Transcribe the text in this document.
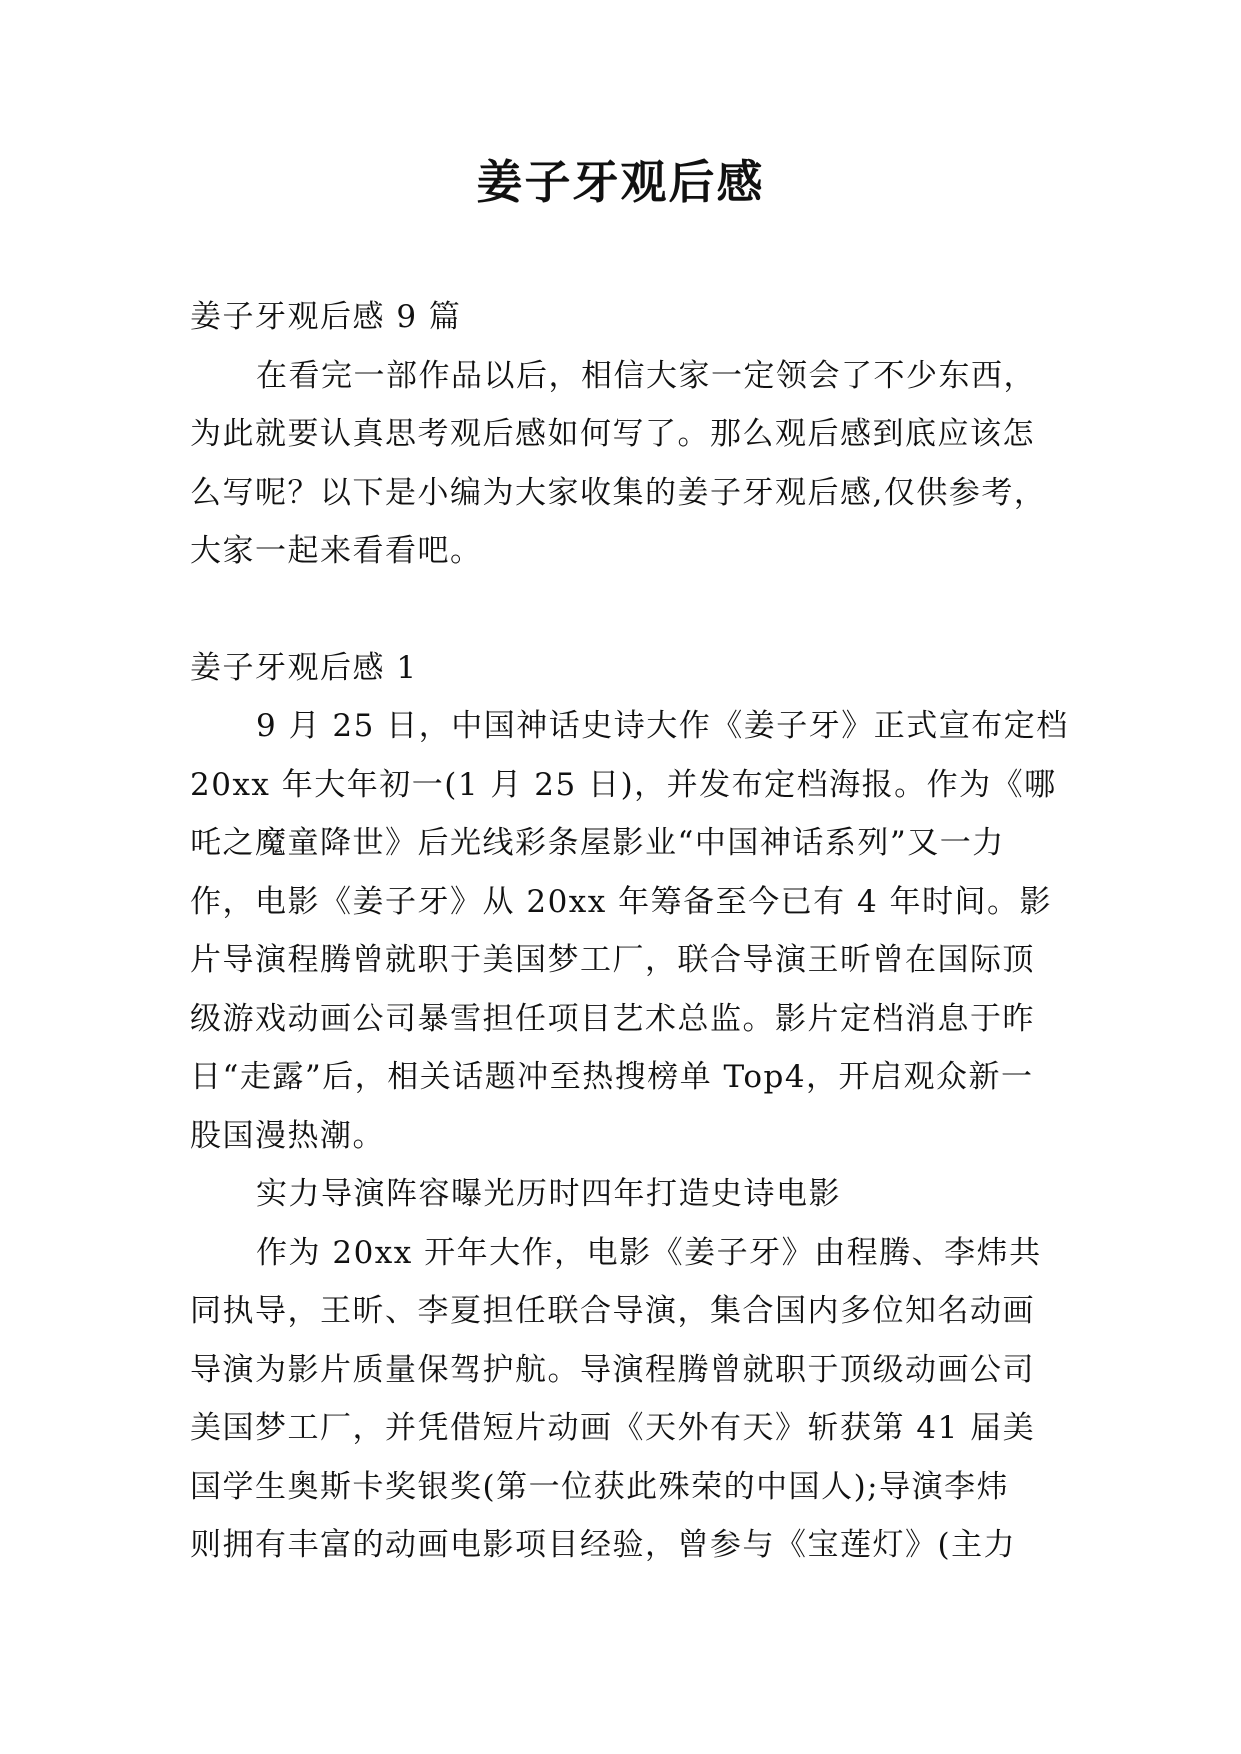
姜子牙观后感

姜子牙观后感 9 篇

在看完一部作品以后，相信大家一定领会了不少东西，

为此就要认真思考观后感如何写了。那么观后感到底应该怎

么写呢？以下是小编为大家收集的姜子牙观后感,仅供参考，

大家一起来看看吧。

姜子牙观后感 1

9 月 25 日，中国神话史诗大作《姜子牙》正式宣布定档

20xx 年大年初一(1 月 25 日)，并发布定档海报。作为《哪

吒之魔童降世》后光线彩条屋影业“中国神话系列”又一力

作，电影《姜子牙》从 20xx 年筹备至今已有 4 年时间。影

片导演程腾曾就职于美国梦工厂，联合导演王昕曾在国际顶

级游戏动画公司暴雪担任项目艺术总监。影片定档消息于昨

日“走露”后，相关话题冲至热搜榜单 Top4，开启观众新一

股国漫热潮。

实力导演阵容曝光历时四年打造史诗电影

作为 20xx 开年大作，电影《姜子牙》由程腾、李炜共

同执导，王昕、李夏担任联合导演，集合国内多位知名动画

导演为影片质量保驾护航。导演程腾曾就职于顶级动画公司

美国梦工厂，并凭借短片动画《天外有天》斩获第 41 届美

国学生奥斯卡奖银奖(第一位获此殊荣的中国人);导演李炜

则拥有丰富的动画电影项目经验，曾参与《宝莲灯》(主力
